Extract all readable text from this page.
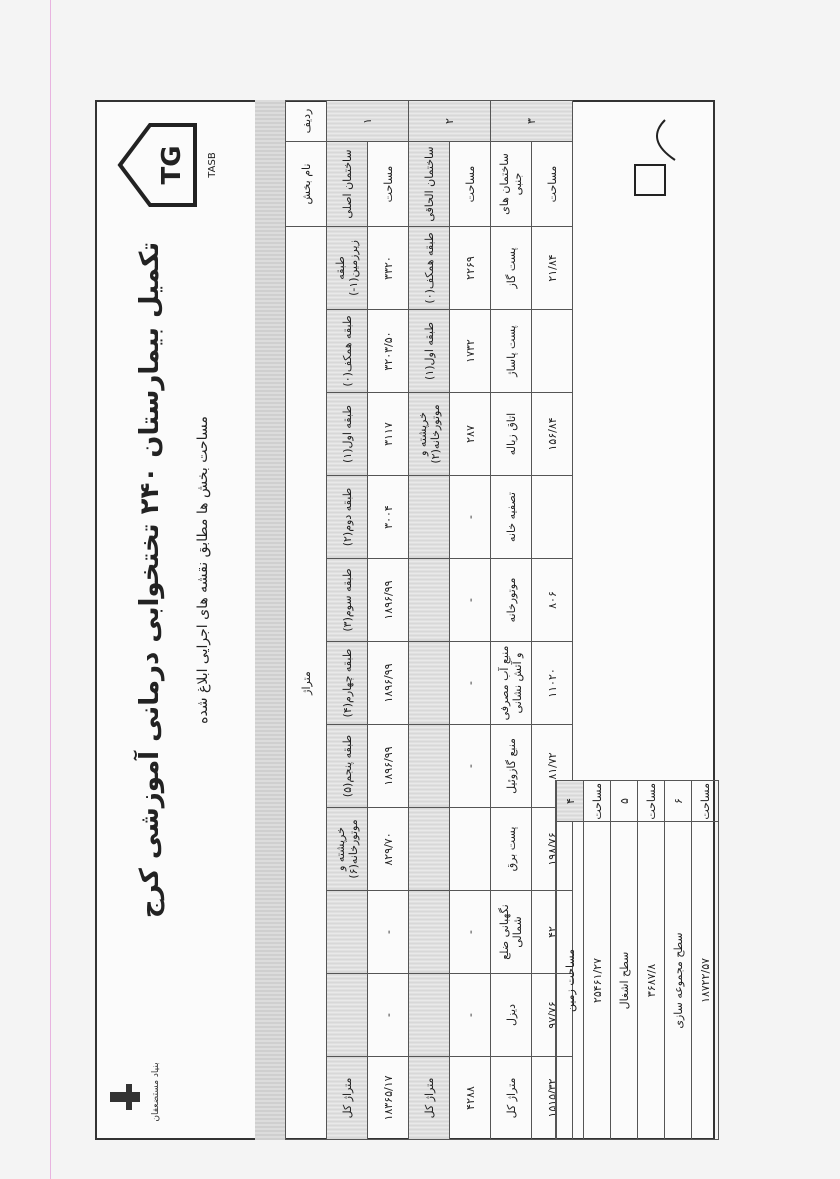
بنیاد مستضعفان
تکمیل بیمارستان ۲۴۰ تختخوابی درمانی آموزشی کرج
مساحت بخش ها مطابق نقشه های اجرایی ابلاغ شده
TG TASB
ردیف	نام بخش	متراژ										
۱	ساختمان اصلی	طبقه زیرزمین(۱-)	طبقه همکف(۰)	طبقه اول(۱)	طبقه دوم(۲)	طبقه سوم(۳)	طبقه چهارم(۴)	طبقه پنجم(۵)	خرپشته و موتورخانه(۶)			متراژ کل
	مساحت	۳۳۲۰	۳۲۰۳/۵۰	۳۱۱۷	۳۰۰۴	۱۸۹۶/۹۹	۱۸۹۶/۹۹	۱۸۹۶/۹۹	۸۲۹/۷۰	-	-	۱۸۳۶۵/۱۷
۲	ساختمان الحاقی	طبقه همکف(۰)	طبقه اول(۱)	خرپشته و موتورخانه(۲)								متراژ کل
	مساحت	۲۲۶۹	۱۷۳۲	۲۸۷	-	-	-	-		-	-	۴۲۸۸
۳	ساختمان های جنبی	پست گاز	پست پاساژ	اتاق زباله	تصفیه خانه	موتورخانه	منبع آب مصرفی و آتش نشانی	منبع گازوئیل	پست برق	نگهبانی ضلع شمالی	دیزل	متراژ کل
	مساحت	۲۱/۸۴		۱۵۶/۸۴		۸۰۶	۱۱۰۲۰	۸۱/۷۲	۱۹۸/۷۶	۴۲	۹۷/۷۶	۱۵۱۵/۳۲
۴	مساحت زمین
مساحت	۲۵۴۶۱/۲۷
۵	سطح اشغال
مساحت	۳۶۸۷/۸
۶	سطح مجموعه سازی
مساحت	۱۸۷۲۲/۵۷
